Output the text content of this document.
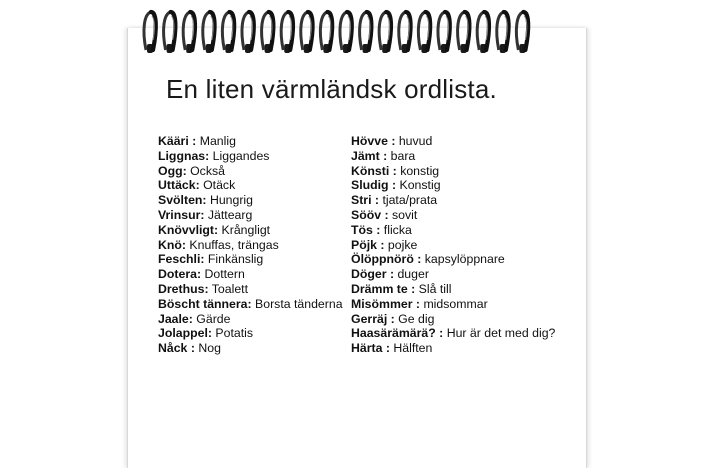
En liten värmländsk ordlista.
Kääri : Manlig
Liggnas: Liggandes
Ogg: Också
Uttäck: Otäck
Svölten: Hungrig
Vrinsur: Jättearg
Knövvligt: Krångligt
Knö: Knuffas, trängas
Feschli: Finkänslig
Dotera: Dottern
Drethus: Toalett
Böscht tännera: Borsta tänderna
Jaale: Gärde
Jolappel: Potatis
Nåck : Nog
Hövve : huvud
Jämt : bara
Könsti : konstig
Sludig : Konstig
Stri : tjata/prata
Sööv : sovit
Tös : flicka
Pöjk : pojke
Ölöppnörö : kapsylöppnare
Döger : duger
Drämm te : Slå till
Misömmer : midsommar
Gerräj : Ge dig
Haasärämärä? : Hur är det med dig?
Härta : Hälften
